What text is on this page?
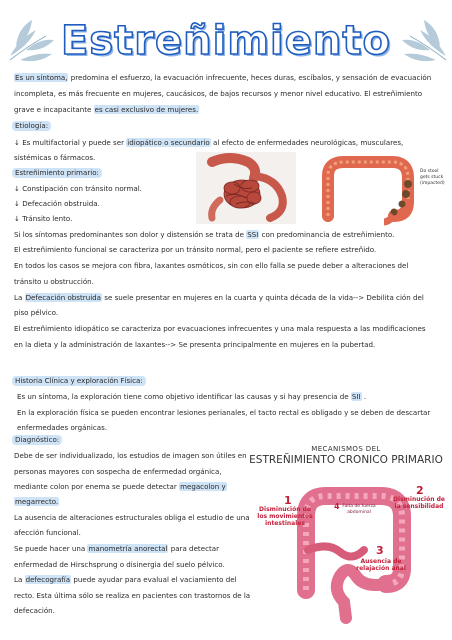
Estreñimiento
Es un síntoma, predomina el esfuerzo, la evacuación infrecuente, heces duras, escíbalos, y sensación de evacuación
incompleta, es más frecuente en mujeres, caucásicos, de bajos recursos y menor nivel educativo. El estreñimiento
grave e incapacitante es casi exclusivo de mujeres.
Etiología:
↓ Es multifactorial y puede ser idiopático o secundario al efecto de enfermedades neurológicas, musculares,
sistémicas o fármacos.
Estreñimiento primario:
↓ Constipación con tránsito normal.
↓ Defecación obstruida.
↓ Tránsito lento.
Do stool
gets stuck
(impacted)
Si los síntomas predominantes son dolor y distensión se trata de SSI con predominancia de estreñimiento.
El estreñimiento funcional se caracteriza por un tránsito normal, pero el paciente se refiere estreñido.
En todos los casos se mejora con fibra, laxantes osmóticos, sin con ello falla se puede deber a alteraciones del
tránsito u obstrucción.
La Defecación obstruida se suele presentar en mujeres en la cuarta y quinta década de la vida--> Debilita ción del
piso pélvico.
El estreñimiento idiopático se caracteriza por evacuaciones infrecuentes y una mala respuesta a las modificaciones
en la dieta y la administración de laxantes--> Se presenta principalmente en mujeres en la pubertad.
Historia Clínica y exploración Física:
Es un síntoma, la exploración tiene como objetivo identificar las causas y si hay presencia de SII .
En la exploración física se pueden encontrar lesiones perianales, el tacto rectal es obligado y se deben de descartar
enfermedades orgánicas.
Diagnóstico:
Debe de ser individualizado, los estudios de imagen son útiles en
personas mayores con sospecha de enfermedad orgánica,
mediante colon por enema se puede detectar megacolon y
megarrecto.
La ausencia de alteraciones estructurales obliga el estudio de una
afección funcional.
Se puede hacer una manometría anorectal para detectar
enfermedad de Hirschsprung o disinergia del suelo pélvico.
La defecografía puede ayudar para evalual el vaciamiento del
recto. Esta última sólo se realiza en pacientes con trastornos de la
defecación.
MECANISMOS DEL
ESTREÑIMIENTO CRONICO PRIMARIO
1
Disminución de los movimientos intestinales
2
Disminución de la sensibilidad
3
Ausencia de relajación anal
4 Falta de fuerza abdominal
